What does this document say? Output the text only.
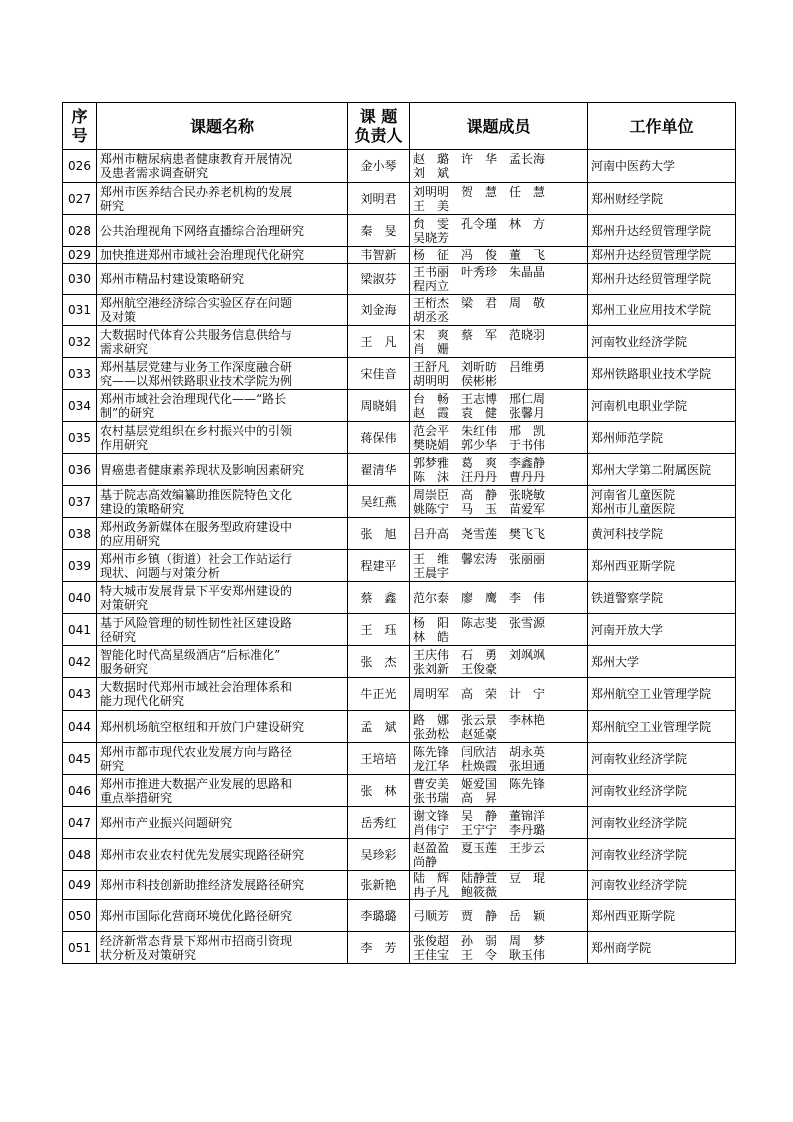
序
号	课题名称	课 题
负责人	课题成员	工作单位
026	郑州市糖尿病患者健康教育开展情况
及患者需求调查研究	金小琴	赵　璐　许　华　孟长海
刘　斌	河南中医药大学

027	郑州市医养结合民办养老机构的发展
研究	刘明君	刘明明　贺　慧　任　慧
王　美	郑州财经学院

028	公共治理视角下网络直播综合治理研究	秦　旻	贠　雯　孔令瑾　林　方
吴晓芳	郑州升达经贸管理学院

029	加快推进郑州市域社会治理现代化研究	韦智新	杨　征　冯　俊　董　飞	郑州升达经贸管理学院

030	郑州市精品村建设策略研究	梁淑芬	王书丽　叶秀珍　朱晶晶
程丙立	郑州升达经贸管理学院

031	郑州航空港经济综合实验区存在问题
及对策	刘金海	王桁杰　梁　君　周　敬
胡丞丞	郑州工业应用技术学院

032	大数据时代体育公共服务信息供给与
需求研究	王　凡	宋　爽　蔡　军　范晓羽
肖　姗	河南牧业经济学院

033	郑州基层党建与业务工作深度融合研
究——以郑州铁路职业技术学院为例	宋佳音	王舒凡　刘昕昉　吕维勇
胡明明　侯彬彬	郑州铁路职业技术学院

034	郑州市域社会治理现代化——“路长
制”的研究	周晓娟	台　畅　王志博　邢仁周
赵　霞　袁　健　张馨月	河南机电职业学院

035	农村基层党组织在乡村振兴中的引领
作用研究	蒋保伟	范会平　朱红伟　邢　凯
樊晓娟　郭少华　于书伟	郑州师范学院

036	胃癌患者健康素养现状及影响因素研究	翟清华	郭梦雅　葛　爽　李鑫静
陈　沫　汪丹丹　曹丹丹	郑州大学第二附属医院

037	基于院志高效编纂助推医院特色文化
建设的策略研究	吴红燕	周崇臣　高　静　张晓敏
姚陈宁　马　玉　苗爱军	河南省儿童医院
郑州市儿童医院

038	郑州政务新媒体在服务型政府建设中
的应用研究	张　旭	吕升高　尧雪莲　樊飞飞	黄河科技学院

039	郑州市乡镇（街道）社会工作站运行
现状、问题与对策分析	程建平	王　维　馨宏涛　张丽丽
王晨宇	郑州西亚斯学院

040	特大城市发展背景下平安郑州建设的
对策研究	蔡　鑫	范尔泰　廖　鹰　李　伟	铁道警察学院

041	基于风险管理的韧性韧性社区建设路
径研究	王　珏	杨　阳　陈志斐　张雪源
林　皓	河南开放大学

042	智能化时代高星级酒店“后标准化”
服务研究	张　杰	王庆伟　石　勇　刘飒飒
张刘新　王俊豪	郑州大学

043	大数据时代郑州市域社会治理体系和
能力现代化研究	牛正光	周明军　高　荣　计　宁	郑州航空工业管理学院

044	郑州机场航空枢纽和开放门户建设研究	孟　斌	路　娜　张云景　李林艳
张劲松　赵延豪	郑州航空工业管理学院

045	郑州市都市现代农业发展方向与路径
研究	王培培	陈先锋　闫欣洁　胡永英
龙江华　杜焕霞　张坦通	河南牧业经济学院

046	郑州市推进大数据产业发展的思路和
重点举措研究	张　林	曹安美　姬爱国　陈先锋
张书瑞　高　昇	河南牧业经济学院

047	郑州市产业振兴问题研究	岳秀红	谢文锋　吴　静　董锦洋
肖伟宁　王宁宁　李丹璐	河南牧业经济学院

048	郑州市农业农村优先发展实现路径研究	吴珍彩	赵盈盈　夏玉莲　王步云
尚静	河南牧业经济学院

049	郑州市科技创新助推经济发展路径研究	张新艳	陆　辉　陆静萱　豆　琨
冉子凡　鲍筱薇	河南牧业经济学院

050	郑州市国际化营商环境优化路径研究	李璐璐	弓顺芳　贾　静　岳　颖	郑州西亚斯学院

051	经济新常态背景下郑州市招商引资现
状分析及对策研究	李　芳	张俊超　孙　弱　周　梦
王佳宝　王　令　耿玉伟	郑州商学院
